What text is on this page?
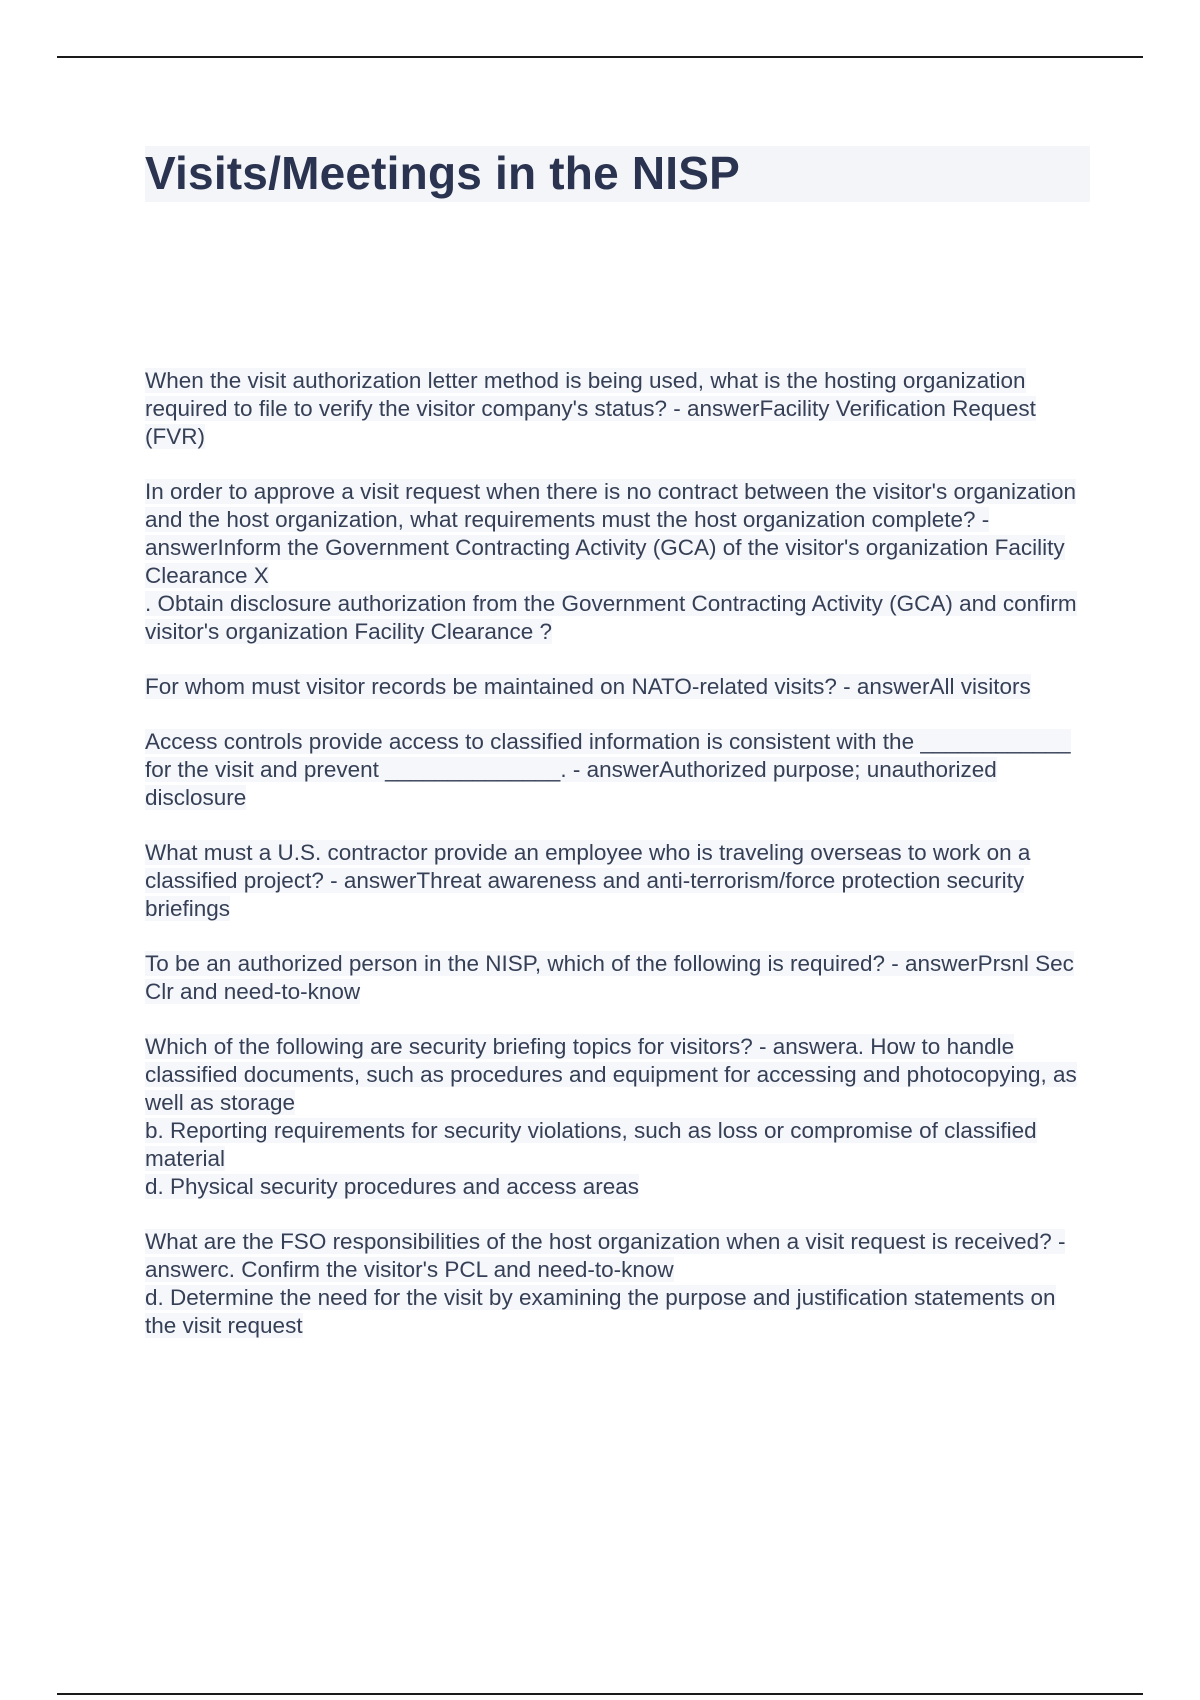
Visits/Meetings in the NISP
When the visit authorization letter method is being used, what is the hosting organization required to file to verify the visitor company's status? - answerFacility Verification Request (FVR)
In order to approve a visit request when there is no contract between the visitor's organization and the host organization, what requirements must the host organization complete? - answerInform the Government Contracting Activity (GCA) of the visitor's organization Facility Clearance X
. Obtain disclosure authorization from the Government Contracting Activity (GCA) and confirm visitor's organization Facility Clearance ?
For whom must visitor records be maintained on NATO-related visits? - answerAll visitors
Access controls provide access to classified information is consistent with the ____________ for the visit and prevent ______________. - answerAuthorized purpose; unauthorized disclosure
What must a U.S. contractor provide an employee who is traveling overseas to work on a classified project? - answerThreat awareness and anti-terrorism/force protection security briefings
To be an authorized person in the NISP, which of the following is required? - answerPrsnl Sec Clr and need-to-know
Which of the following are security briefing topics for visitors? - answera. How to handle classified documents, such as procedures and equipment for accessing and photocopying, as well as storage
b. Reporting requirements for security violations, such as loss or compromise of classified material
d. Physical security procedures and access areas
What are the FSO responsibilities of the host organization when a visit request is received? - answerc. Confirm the visitor's PCL and need-to-know
d. Determine the need for the visit by examining the purpose and justification statements on the visit request
